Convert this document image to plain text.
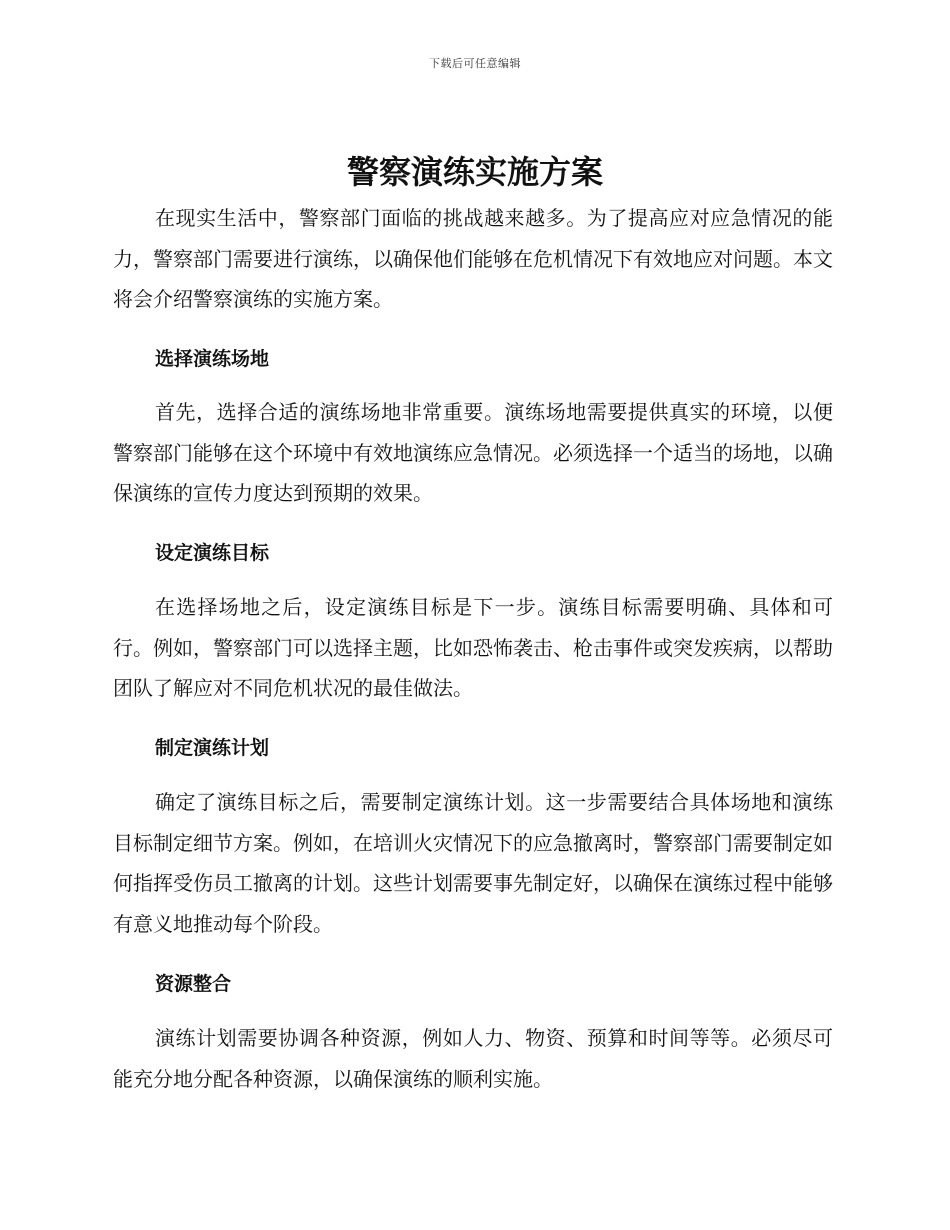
下载后可任意编辑
警察演练实施方案

在现实生活中，警察部门面临的挑战越来越多。为了提高应对应急情况的能力，警察部门需要进行演练，以确保他们能够在危机情况下有效地应对问题。本文将会介绍警察演练的实施方案。

选择演练场地

首先，选择合适的演练场地非常重要。演练场地需要提供真实的环境，以便警察部门能够在这个环境中有效地演练应急情况。必须选择一个适当的场地，以确保演练的宣传力度达到预期的效果。

设定演练目标

在选择场地之后，设定演练目标是下一步。演练目标需要明确、具体和可行。例如，警察部门可以选择主题，比如恐怖袭击、枪击事件或突发疾病，以帮助团队了解应对不同危机状况的最佳做法。

制定演练计划

确定了演练目标之后，需要制定演练计划。这一步需要结合具体场地和演练目标制定细节方案。例如，在培训火灾情况下的应急撤离时，警察部门需要制定如何指挥受伤员工撤离的计划。这些计划需要事先制定好，以确保在演练过程中能够有意义地推动每个阶段。

资源整合

演练计划需要协调各种资源，例如人力、物资、预算和时间等等。必须尽可能充分地分配各种资源，以确保演练的顺利实施。
